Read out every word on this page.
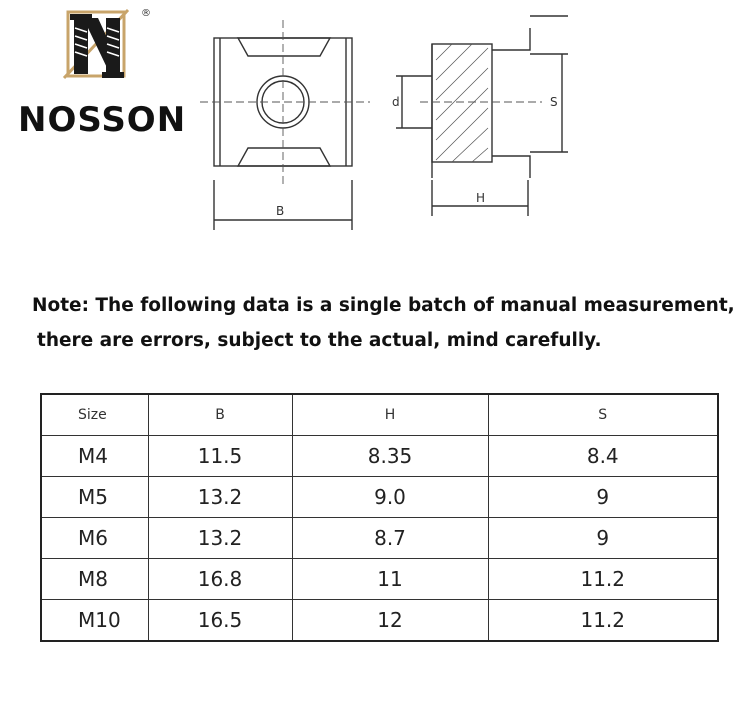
®
NOSSON
B
H
d	S
Note: The following data is a single batch of manual measurement,
there are errors, subject to the actual, mind carefully.
Size	B	H	S
M4	11.5	8.35	8.4
M5	13.2	9.0	9
M6	13.2	8.7	9
M8	16.8	11	11.2
M10	16.5	12	11.2
